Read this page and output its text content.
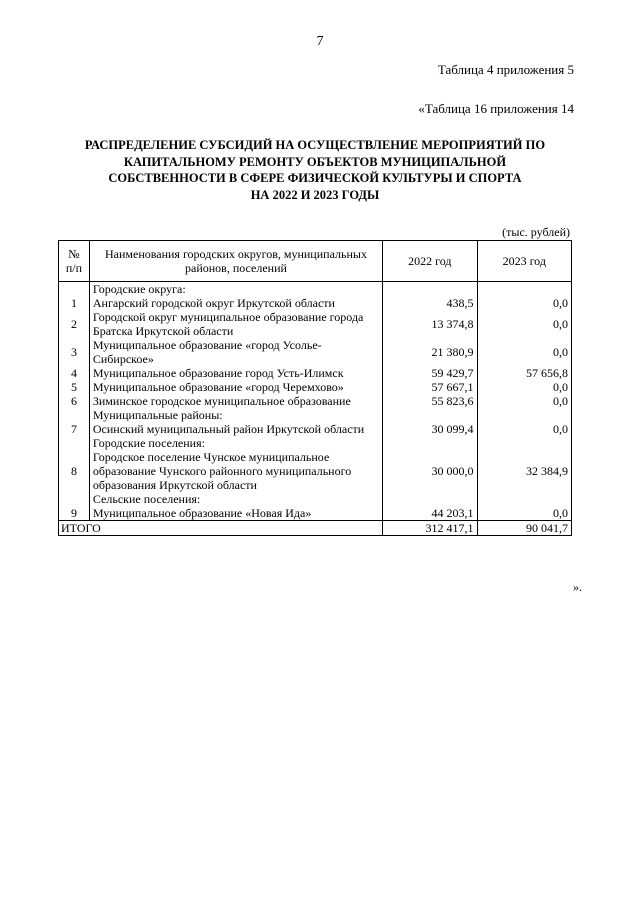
7
Таблица 4 приложения 5
«Таблица 16 приложения 14
РАСПРЕДЕЛЕНИЕ СУБСИДИЙ НА ОСУЩЕСТВЛЕНИЕ МЕРОПРИЯТИЙ ПО
КАПИТАЛЬНОМУ РЕМОНТУ ОБЪЕКТОВ МУНИЦИПАЛЬНОЙ
СОБСТВЕННОСТИ В СФЕРЕ ФИЗИЧЕСКОЙ КУЛЬТУРЫ И СПОРТА
НА 2022 И 2023 ГОДЫ
(тыс. рублей)
№ п/п	Наименования городских округов, муниципальных районов, поселений	2022 год	2023 год
	Городские округа:		
1	Ангарский городской округ Иркутской области	438,5	0,0
2	Городской округ муниципальное образование города Братска Иркутской области	13 374,8	0,0
3	Муниципальное образование «город Усолье-Сибирское»	21 380,9	0,0
4	Муниципальное образование город Усть-Илимск	59 429,7	57 656,8
5	Муниципальное образование «город Черемхово»	57 667,1	0,0
6	Зиминское городское муниципальное образование	55 823,6	0,0
	Муниципальные районы:		
7	Осинский муниципальный район Иркутской области	30 099,4	0,0
	Городские поселения:		
8	Городское поселение Чунское муниципальное образование Чунского районного муниципального образования Иркутской области	30 000,0	32 384,9
	Сельские поселения:		
9	Муниципальное образование «Новая Ида»	44 203,1	0,0
ИТОГО		312 417,1	90 041,7
».
